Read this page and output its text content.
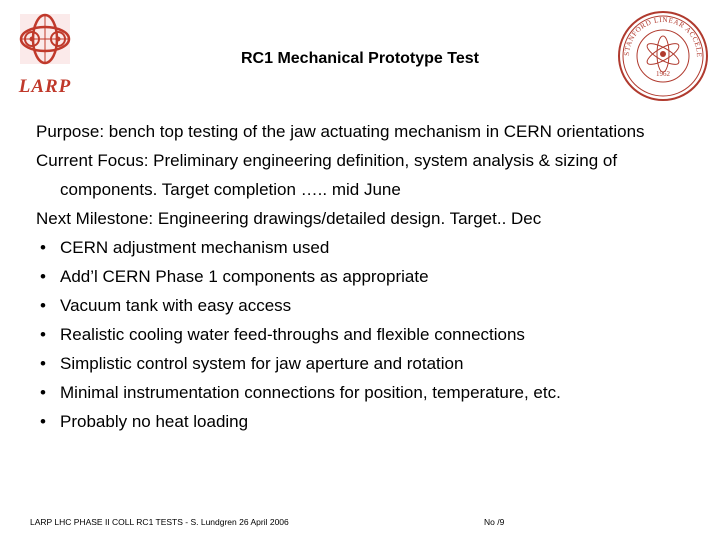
LARP
STANFORD LINEAR ACCELE
1962
RC1 Mechanical Prototype Test

Purpose: bench top testing of the jaw actuating mechanism in CERN orientations

Current Focus: Preliminary engineering definition, system analysis & sizing of components. Target completion ….. mid June

Next Milestone: Engineering drawings/detailed design. Target.. Dec

• CERN adjustment mechanism used
• Add’l CERN Phase 1 components as appropriate
• Vacuum tank with easy access
• Realistic cooling water feed-throughs and flexible connections
• Simplistic control system for jaw aperture and rotation
• Minimal instrumentation connections for position, temperature, etc.
• Probably no heat loading
LARP LHC PHASE II COLL RC1 TESTS - S. Lundgren 26 April 2006	No /9
